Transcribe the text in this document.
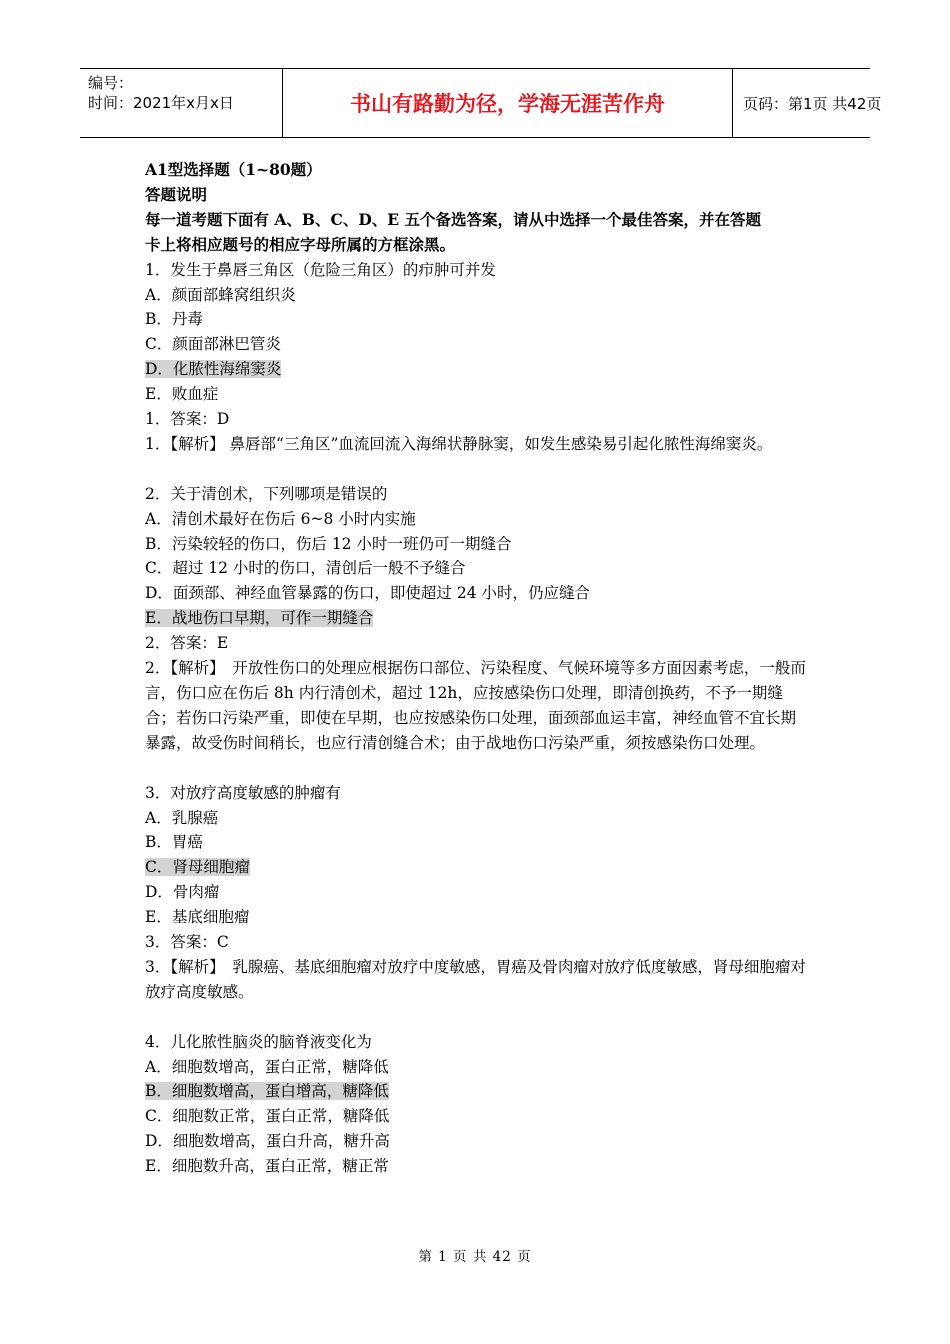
编号：
时间：2021年x月x日	书山有路勤为径，学海无涯苦作舟	页码：第1页 共42页
A1型选择题（1~80题）
答题说明
每一道考题下面有 A、B、C、D、E 五个备选答案，请从中选择一个最佳答案，并在答题
卡上将相应题号的相应字母所属的方框涂黑。
1．发生于鼻唇三角区（危险三角区）的疖肿可并发
A．颜面部蜂窝组织炎
B．丹毒
C．颜面部淋巴管炎
D．化脓性海绵窦炎
E．败血症
1．答案：D
1．【解析】 鼻唇部“三角区”血流回流入海绵状静脉窦，如发生感染易引起化脓性海绵窦炎。
2．关于清创术，下列哪项是错误的
A．清创术最好在伤后 6~8 小时内实施
B．污染较轻的伤口，伤后 12 小时一班仍可一期缝合
C．超过 12 小时的伤口，清创后一般不予缝合
D．面颈部、神经血管暴露的伤口，即使超过 24 小时，仍应缝合
E．战地伤口早期，可作一期缝合
2．答案：E
2．【解析】　开放性伤口的处理应根据伤口部位、污染程度、气候环境等多方面因素考虑，一般而言，伤口应在伤后 8h 内行清创术，超过 12h，应按感染伤口处理，即清创换药，不予一期缝合；若伤口污染严重，即使在早期，也应按感染伤口处理，面颈部血运丰富，神经血管不宜长期暴露，故受伤时间稍长，也应行清创缝合术；由于战地伤口污染严重，须按感染伤口处理。
3．对放疗高度敏感的肿瘤有
A．乳腺癌
B．胃癌
C．肾母细胞瘤
D．骨肉瘤
E．基底细胞瘤
3．答案：C
3．【解析】　乳腺癌、基底细胞瘤对放疗中度敏感，胃癌及骨肉瘤对放疗低度敏感，肾母细胞瘤对放疗高度敏感。
4．儿化脓性脑炎的脑脊液变化为
A．细胞数增高，蛋白正常，糖降低
B．细胞数增高，蛋白增高，糖降低
C．细胞数正常，蛋白正常，糖降低
D．细胞数增高，蛋白升高，糖升高
E．细胞数升高，蛋白正常，糖正常
第 1 页 共 42 页
